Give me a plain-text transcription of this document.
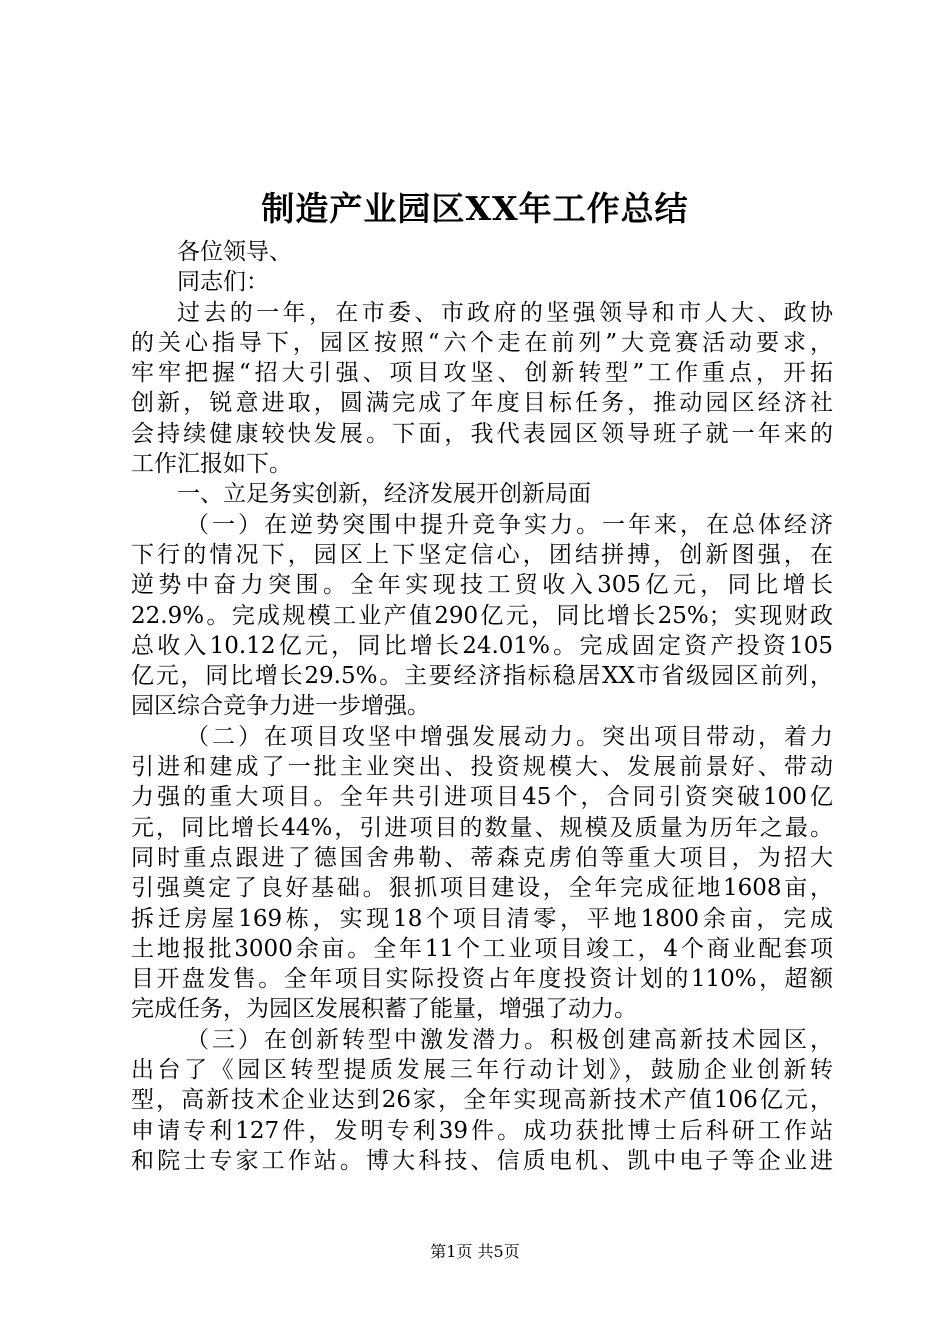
制造产业园区XX年工作总结
各位领导、
同志们：
过去的一年，在市委、市政府的坚强领导和市人大、政协
的关心指导下，园区按照“六个走在前列”大竞赛活动要求，
牢牢把握“招大引强、项目攻坚、创新转型”工作重点，开拓
创新，锐意进取，圆满完成了年度目标任务，推动园区经济社
会持续健康较快发展。下面，我代表园区领导班子就一年来的
工作汇报如下。
一、立足务实创新，经济发展开创新局面
（一）在逆势突围中提升竞争实力。一年来，在总体经济
下行的情况下，园区上下坚定信心，团结拼搏，创新图强，在
逆势中奋力突围。全年实现技工贸收入305亿元，同比增长
22.9%。完成规模工业产值290亿元，同比增长25%；实现财政
总收入10.12亿元，同比增长24.01%。完成固定资产投资105
亿元，同比增长29.5%。主要经济指标稳居XX市省级园区前列，
园区综合竞争力进一步增强。
（二）在项目攻坚中增强发展动力。突出项目带动，着力
引进和建成了一批主业突出、投资规模大、发展前景好、带动
力强的重大项目。全年共引进项目45个，合同引资突破100亿
元，同比增长44%，引进项目的数量、规模及质量为历年之最。
同时重点跟进了德国舍弗勒、蒂森克虏伯等重大项目，为招大
引强奠定了良好基础。狠抓项目建设，全年完成征地1608亩，
拆迁房屋169栋，实现18个项目清零，平地1800余亩，完成
土地报批3000余亩。全年11个工业项目竣工，4个商业配套项
目开盘发售。全年项目实际投资占年度投资计划的110%，超额
完成任务，为园区发展积蓄了能量，增强了动力。
（三）在创新转型中激发潜力。积极创建高新技术园区，
出台了《园区转型提质发展三年行动计划》，鼓励企业创新转
型，高新技术企业达到26家，全年实现高新技术产值106亿元，
申请专利127件，发明专利39件。成功获批博士后科研工作站
和院士专家工作站。博大科技、信质电机、凯中电子等企业进
第1页 共5页
